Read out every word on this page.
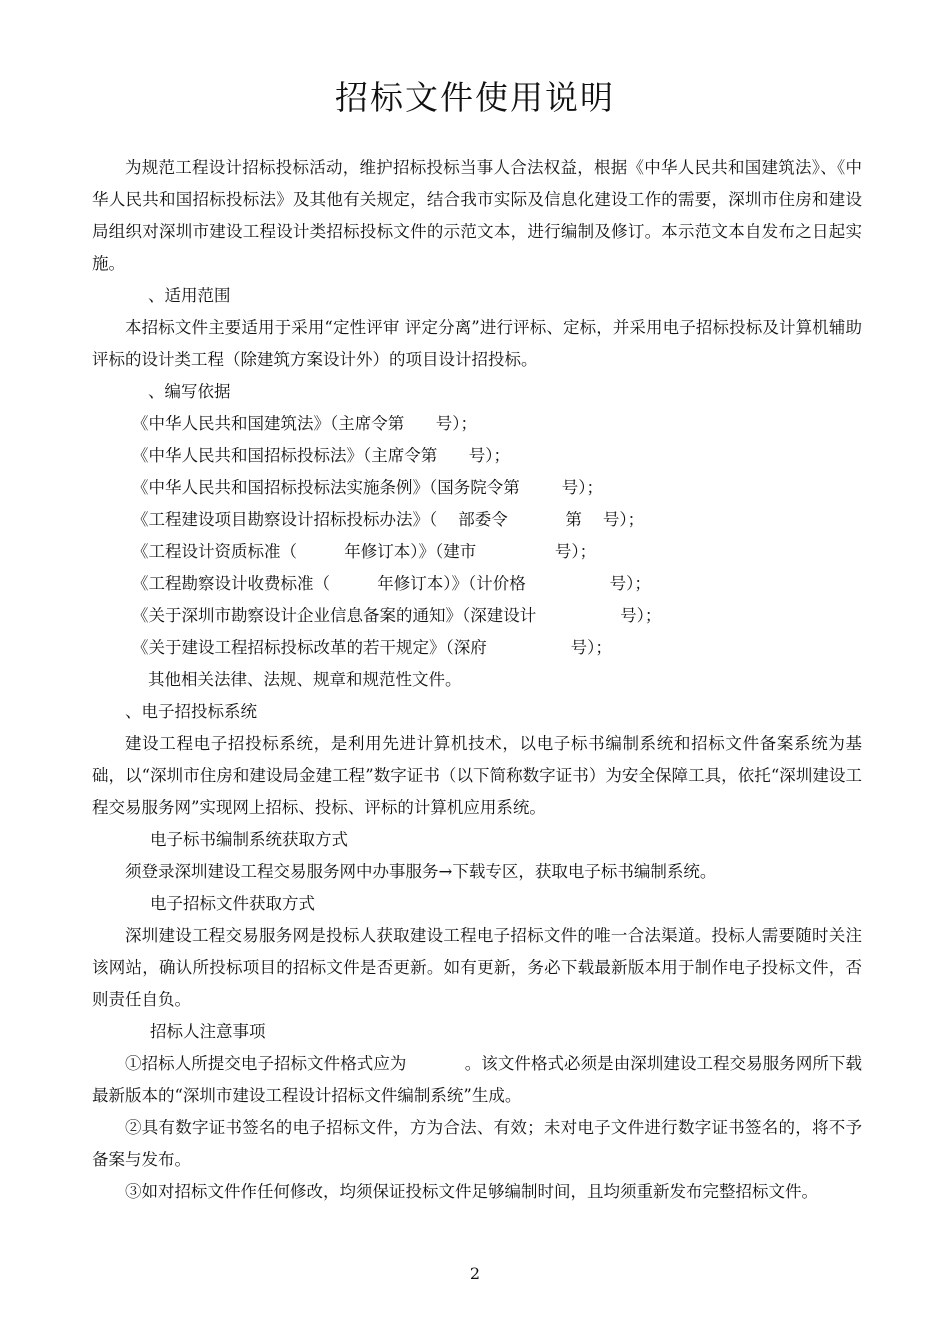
招标文件使用说明

为规范工程设计招标投标活动，维护招标投标当事人合法权益，根据《中华人民共和国建筑法》、《中华人民共和国招标投标法》及其他有关规定，结合我市实际及信息化建设工作的需要，深圳市住房和建设局组织对深圳市建设工程设计类招标投标文件的示范文本，进行编制及修订。本示范文本自发布之日起实施。

、适用范围

本招标文件主要适用于采用“定性评审 评定分离”进行评标、定标，并采用电子招标投标及计算机辅助评标的设计类工程（除建筑方案设计外）的项目设计招投标。

、编写依据

《中华人民共和国建筑法》（主席令第      号）；

《中华人民共和国招标投标法》（主席令第      号）；

《中华人民共和国招标投标法实施条例》（国务院令第        号）；

《工程建设项目勘察设计招标投标办法》（    部委令           第    号）；

《工程设计资质标准（         年修订本）》（建市               号）；

《工程勘察设计收费标准（         年修订本）》（计价格                号）；

《关于深圳市勘察设计企业信息备案的通知》（深建设计                号）；

《关于建设工程招标投标改革的若干规定》（深府                号）；

其他相关法律、法规、规章和规范性文件。

、电子招投标系统

建设工程电子招投标系统，是利用先进计算机技术，以电子标书编制系统和招标文件备案系统为基础，以“深圳市住房和建设局金建工程”数字证书（以下简称数字证书）为安全保障工具，依托“深圳建设工程交易服务网”实现网上招标、投标、评标的计算机应用系统。

电子标书编制系统获取方式

须登录深圳建设工程交易服务网中办事服务→下载专区，获取电子标书编制系统。

电子招标文件获取方式

深圳建设工程交易服务网是投标人获取建设工程电子招标文件的唯一合法渠道。投标人需要随时关注该网站，确认所投标项目的招标文件是否更新。如有更新，务必下载最新版本用于制作电子投标文件，否则责任自负。

招标人注意事项

①招标人所提交电子招标文件格式应为           。该文件格式必须是由深圳建设工程交易服务网所下载最新版本的“深圳市建设工程设计招标文件编制系统”生成。

②具有数字证书签名的电子招标文件，方为合法、有效；未对电子文件进行数字证书签名的，将不予备案与发布。

③如对招标文件作任何修改，均须保证投标文件足够编制时间，且均须重新发布完整招标文件。

2
